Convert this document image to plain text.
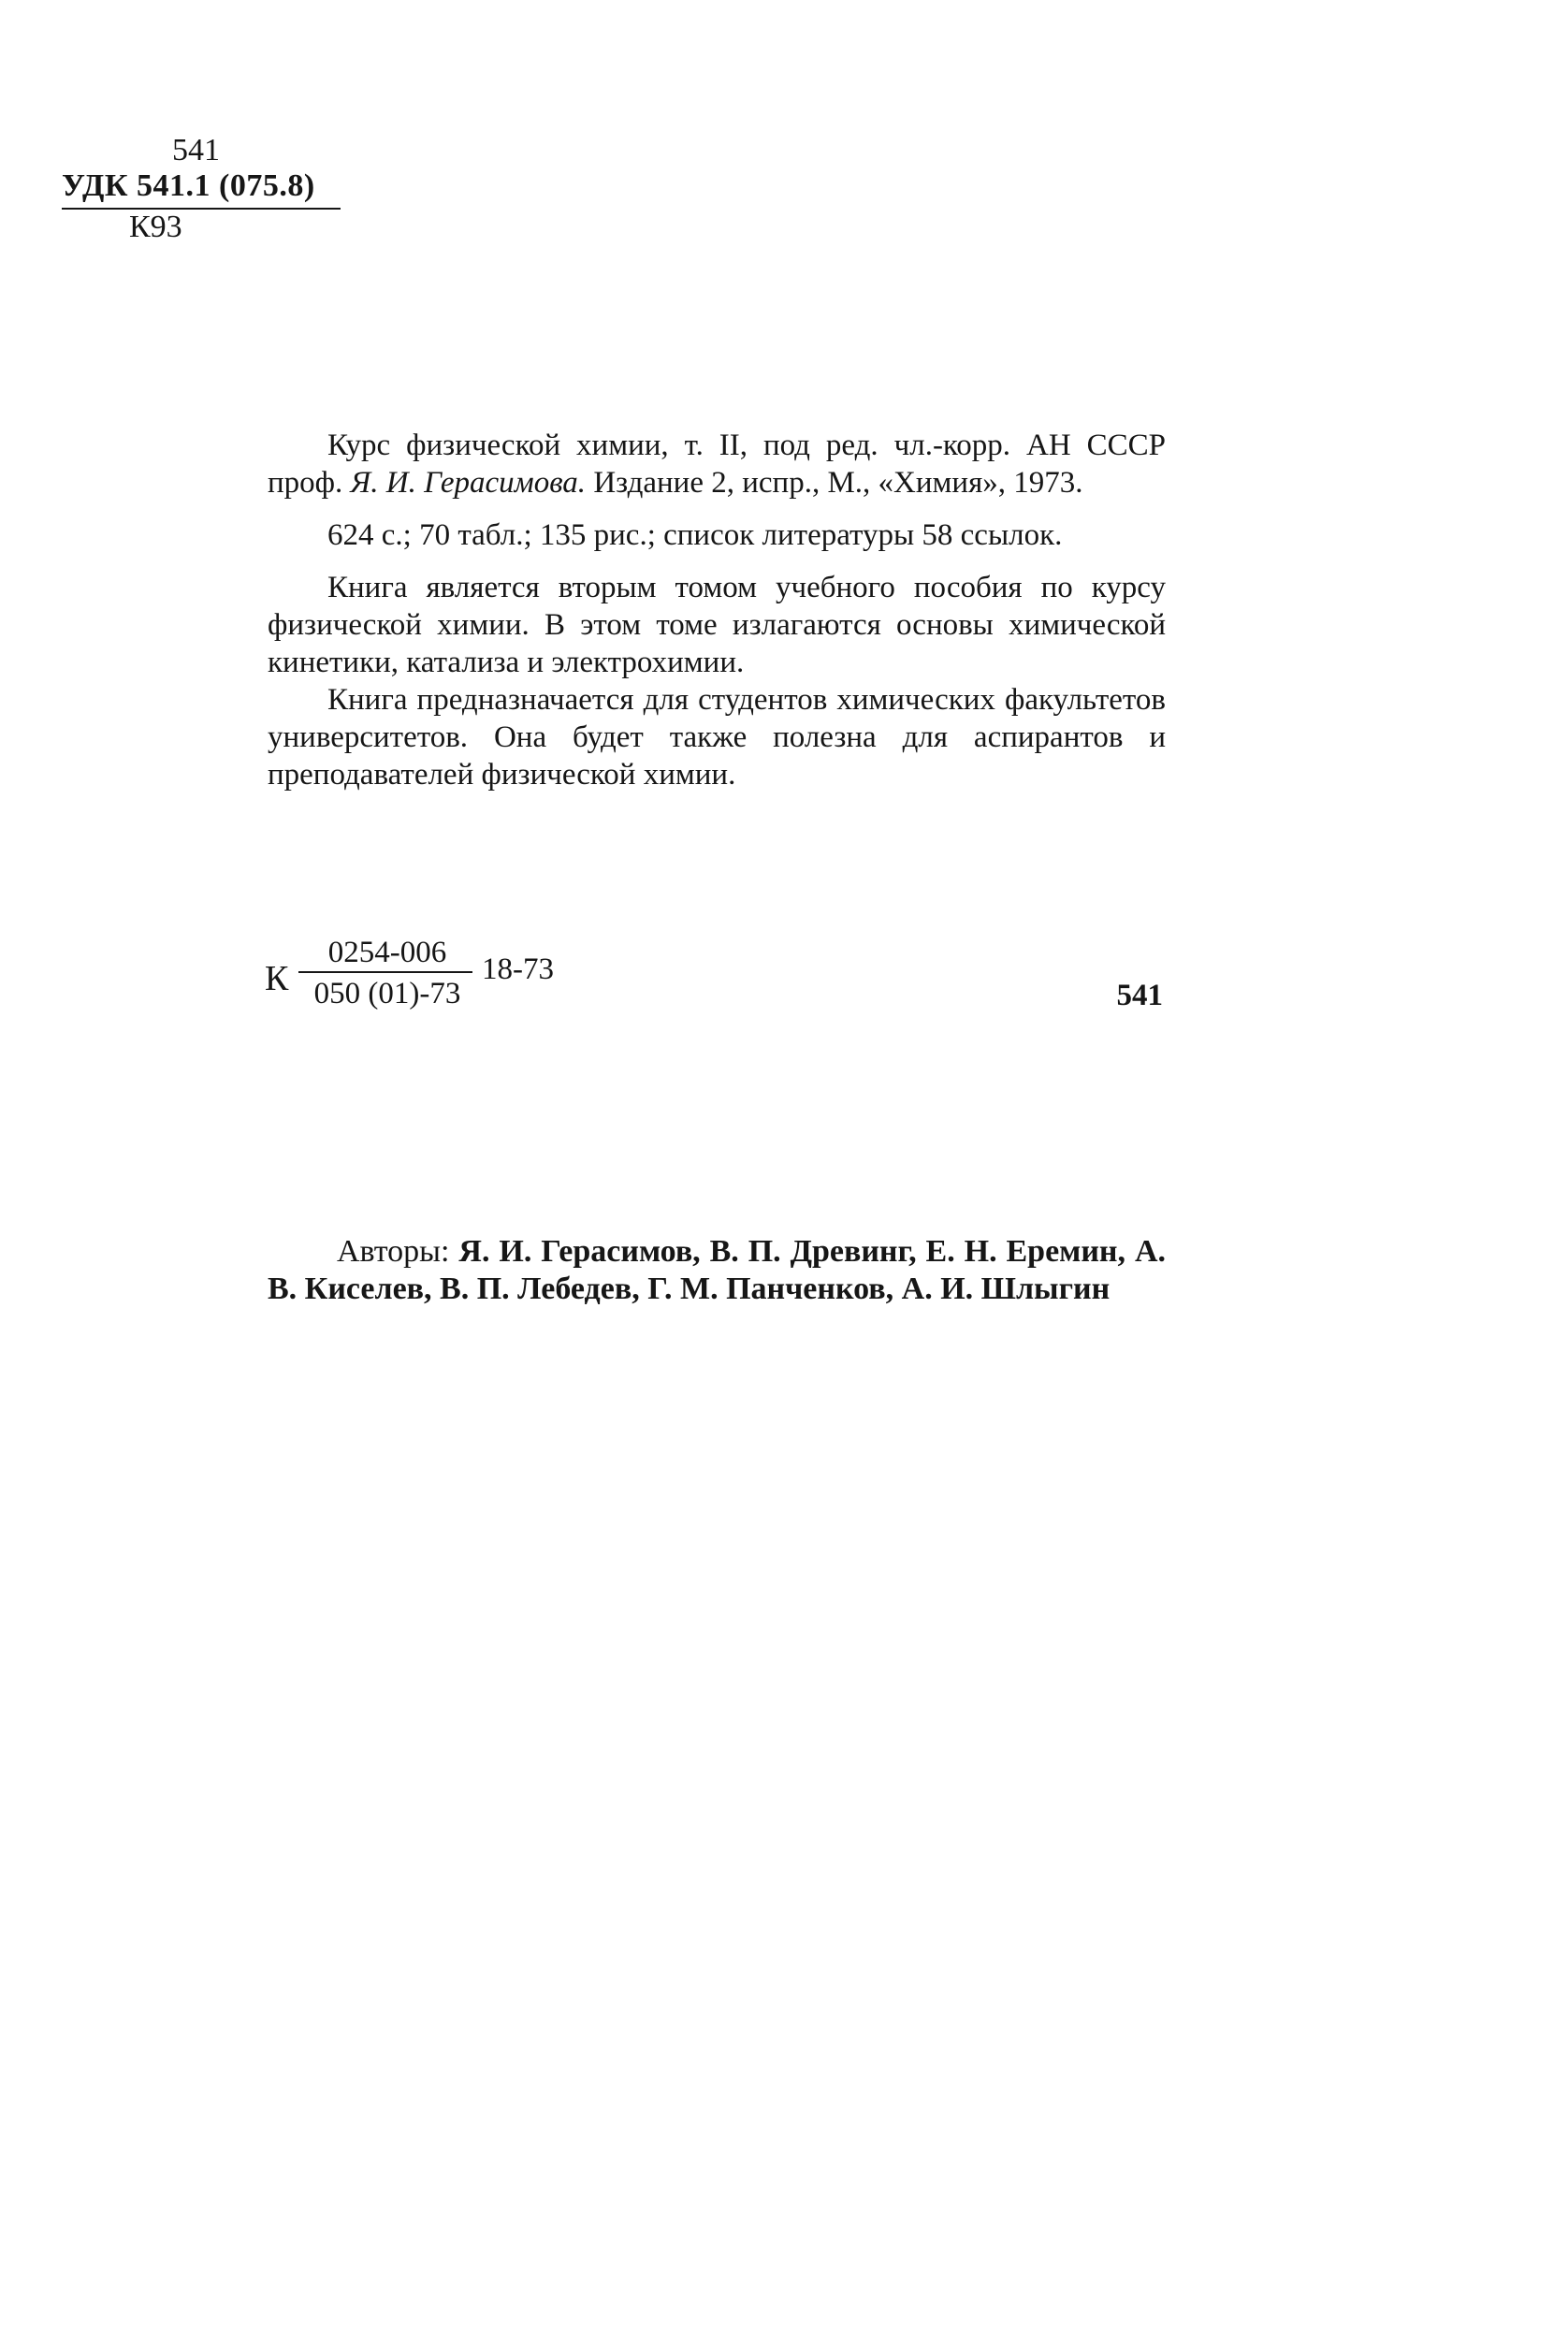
541
УДК 541.1 (075.8)
К93

Курс физической химии, т. II, под ред. чл.-корр. АН СССР проф. Я. И. Герасимова. Издание 2, испр., М., «Химия», 1973.

624 с.; 70 табл.; 135 рис.; список литературы 58 ссылок.

Книга является вторым томом учебного пособия по курсу физической химии. В этом томе излагаются основы химической кинетики, катализа и электрохимии.

Книга предназначается для студентов химических факультетов университетов. Она будет также полезна для аспирантов и преподавателей физической химии.

К
0254-006
050 (01)-73
18-73
541

Авторы: Я. И. Герасимов, В. П. Древинг, Е. Н. Еремин, А. В. Киселев, В. П. Лебедев, Г. М. Панченков, А. И. Шлыгин
